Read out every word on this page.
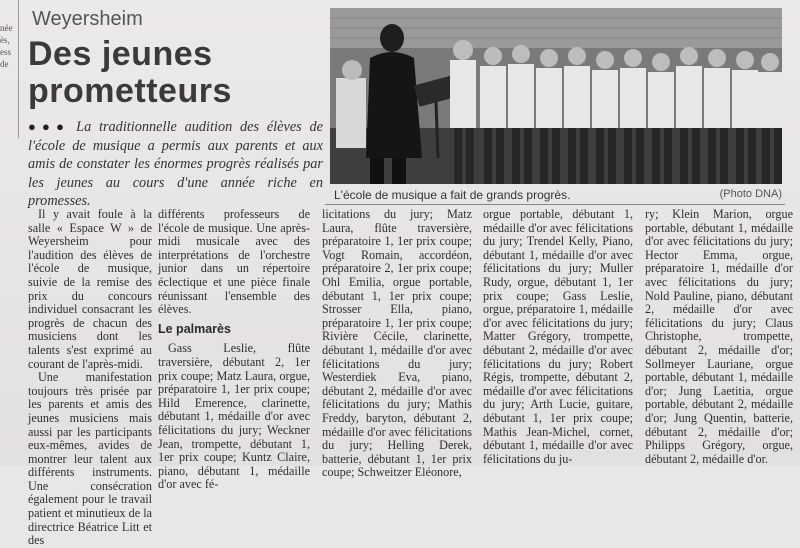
née
ès,
ess
de
Weyersheim
Des jeunes prometteurs
●●● La traditionnelle audition des élèves de l'école de musique a permis aux parents et aux amis de constater les énormes progrès réalisés par les jeunes au cours d'une année riche en promesses.	L'école de musique a fait de grands progrès.	(Photo DNA)

Il y avait foule à la salle « Espace W » de Weyersheim pour l'audition des élèves de l'école de musique, suivie de la remise des prix du concours individuel consacrant les progrès de chacun des musiciens dont les talents s'est exprimé au courant de l'après-midi.

Une manifestation toujours très prisée par les parents et amis des jeunes musiciens mais aussi par les participants eux-mêmes, avides de montrer leur talent aux différents instruments. Une consécration également pour le travail patient et minutieux de la directrice Béatrice Litt et des

différents professeurs de l'école de musique. Une après-midi musicale avec des interprétations de l'orchestre junior dans un répertoire éclectique et une pièce finale réunissant l'ensemble des élèves.

Le palmarès

Gass Leslie, flûte traversière, débutant 2, 1er prix coupe; Matz Laura, orgue, préparatoire 1, 1er prix coupe; Hild Emerence, clarinette, débutant 1, médaille d'or avec félicitations du jury; Weckner Jean, trompette, débutant 1, 1er prix coupe; Kuntz Claire, piano, débutant 1, médaille d'or avec fé-

licitations du jury; Matz Laura, flûte traversière, préparatoire 1, 1er prix coupe; Vogt Romain, accordéon, préparatoire 2, 1er prix coupe; Ohl Emilia, orgue portable, débutant 1, 1er prix coupe; Strosser Ella, piano, préparatoire 1, 1er prix coupe; Rivière Cécile, clarinette, débutant 1, médaille d'or avec félicitations du jury; Westerdiek Eva, piano, débutant 2, médaille d'or avec félicitations du jury; Mathis Freddy, baryton, débutant 2, médaille d'or avec félicitations du jury; Helling Derek, batterie, débutant 1, 1er prix coupe; Schweitzer Eléonore,

orgue portable, débutant 1, médaille d'or avec félicitations du jury; Trendel Kelly, Piano, débutant 1, médaille d'or avec félicitations du jury; Muller Rudy, orgue, débutant 1, 1er prix coupe; Gass Leslie, orgue, préparatoire 1, médaille d'or avec félicitations du jury; Matter Grégory, trompette, débutant 2, médaille d'or avec félicitations du jury; Robert Régis, trompette, débutant 2, médaille d'or avec félicitations du jury; Arth Lucie, guitare, débutant 1, 1er prix coupe; Mathis Jean-Michel, cornet, débutant 1, médaille d'or avec félicitations du ju-

ry; Klein Marion, orgue portable, débutant 1, médaille d'or avec félicitations du jury; Hector Emma, orgue, préparatoire 1, médaille d'or avec félicitations du jury; Nold Pauline, piano, débutant 2, médaille d'or avec félicitations du jury; Claus Christophe, trompette, débutant 2, médaille d'or; Sollmeyer Lauriane, orgue portable, débutant 1, médaille d'or; Jung Laetitia, orgue portable, débutant 2, médaille d'or; Jung Quentin, batterie, débutant 2, médaille d'or; Philipps Grégory, orgue, débutant 2, médaille d'or.
